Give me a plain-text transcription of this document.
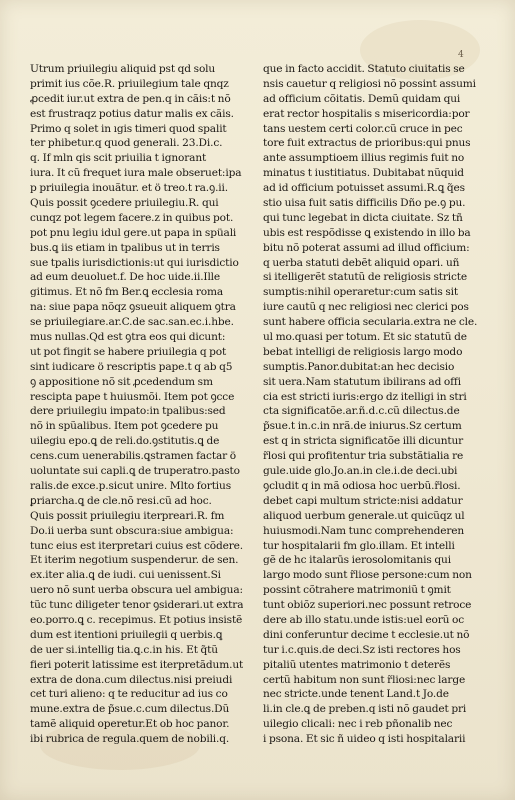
4
Utrum priuilegiu aliquid pst qd solu
primit ius cõe.R. priuilegium tale qnqz
ꝓcedit iur.ut extra de pen.q in cãis:t nõ
est frustraqz potius datur malis ex cãis.
Primo q solet in ıgis timeri quod spalit
ter phibetur.q quod generali. 23.Di.c.
q. If mln qis scit priuilia t ignorant
iura. It cũ frequet iura male obseruet:ipa
p priuilegia inouãtur. et ö treo.t ra.ꝯ.ii.
Quis possit ꝯcedere priuilegiu.R. qui
cunqz pot legem facere.z in quibus pot.
pot pnu legiu idul gere.ut papa in spüali
bus.ꝗ iis etiam in tpalibus ut in terris
sue tpalis iurisdictionis:ut qui iurisdictio
ad eum deuoluet.f. De hoc uide.ii.Ille
gitimus. Et nõ fm Ber.ꝗ ecclesia roma
na: siue papa nõqz ꝯsueuit aliquem ꝯtra
se priuilegiare.ar.C.de sac.san.ec.i.hbe.
mus nullas.Qd est ꝯtra eos qui dicunt:
ut pot fingit se habere priuilegia q pot
sint iudicare ö rescriptis pape.t q ab q5
ꝯ appositione nõ sit ꝓcedendum sm
rescipta pape t huiusmõi. Item pot ꝯcce
dere priuilegiu impato:in tpalibus:sed
nõ in spũalibus. Item pot ꝯcedere pu
uilegiu epo.ꝗ de reli.do.ꝯstitutis.ꝗ de
cens.cum uenerabilis.ꝗstramen factar ö
uoluntate sui capli.ꝗ de truperatro.pasto
ralis.de exce.p.sicut unire. Mlto fortius
ꝑriarcha.ꝗ de cle.nõ resi.cũ ad hoc.
Quis possit priuilegiu iterpreari.R. fm
Do.ii uerba sunt obscura:siue ambigua:
tunc eius est iterpretari cuius est cõdere.
Et iterim negotium suspenderur. de sen.
ex.iter alia.ꝗ de iudi. cui uenissent.Si
uero nõ sunt uerba obscura uel ambigua:
tũc tunc diligeter tenor ꝯsiderari.ut extra
eo.porro.ꝗ c. recepimus. Et potius insistẽ
dum est itentioni priuilegii q uerbis.ꝗ
de uer si.intellig tia.ꝗ.c.in his. Et q̃tũ
fieri poterit latissime est iterpretãdum.ut
extra de dona.cum dilectus.nisi preiudi
cet turi alieno: q te reducitur ad ius co
mune.extra de p̃sue.c.cum dilectus.Dũ
tamẽ aliquid operetur.Et ob hoc panor.
ibi rubrica de regula.quem de nobili.q.
que in facto accidit. Statuto ciuitatis se
nsis cauetur q religiosi nõ possint assumi
ad officium cõitatis. Demũ quidam qui
erat rector hospitalis s misericordia:por
tans uestem certi color.cũ cruce in pec
tore fuit extractus de prioribus:qui pnus
ante assumptioem illius regimis fuit no
minatus t iustitiatus. Dubitabat nũquid
ad id officium potuisset assumi.R.ꝗ q̃es
stio uisa fuit satis difficilis Dño pe.ꝯ pu.
qui tunc legebat in dicta ciuitate. Sz tñ
ubis est respõdisse ꝗ existendo in illo ba
bitu nõ poterat assumi ad illud officium:
q uerba statuti debẽt aliquid opari. uñ
si itelligerẽt statutũ de religiosis stricte
sumptis:nihil operaretur:cum satis sit
iure cautũ q nec religiosi nec clerici pos
sunt habere officia secularia.extra ne cle.
ul mo.quasi per totum. Et sic statutũ de
bebat intelligi de religiosis largo modo
sumptis.Panor.dubitat:an hec decisio
sit uera.Nam statutum ibilirans ad offi
cia est stricti iuris:ergo dz itelligi in stri
cta significatõe.ar.ñ.d.c.cũ dilectus.de
p̃sue.t in.c.in nrã.de iniurus.Sz certum
est q in stricta significatõe illi dicuntur
r̃losi qui profitentur tria substãtialia re
gule.uide glo.Jo.an.in cle.i.de deci.ubi
ꝯcludit q in mã odiosa hoc uerbũ.r̃losi.
debet capi multum stricte:nisi addatur
aliquod uerbum generale.ut quicũqz ul
huiusmodi.Nam tunc comprehenderen
tur hospitalarii fm glo.illam. Et intelli
gẽ de hc italarūs ierosolomitanis qui
largo modo sunt r̃liose persone:cum non
possint cõtrahere matrimoniũ t ꝯmit
tunt obiõz superiori.nec possunt retroce
dere ab illo statu.unde istis:uel eorũ oc
dini conferuntur decime t ecclesie.ut nõ
tur i.c.quis.de deci.Sz isti rectores hos
pitaliũ utentes matrimonio t deterẽs
certũ habitum non sunt r̃liosi:nec large
nec stricte.unde tenent Land.t Jo.de
li.in cle.ꝗ de preben.q isti nõ gaudet pri
uilegio clicali: nec i reb pñonalib nec
i psona. Et sic ñ uideo q isti hospitalarii
